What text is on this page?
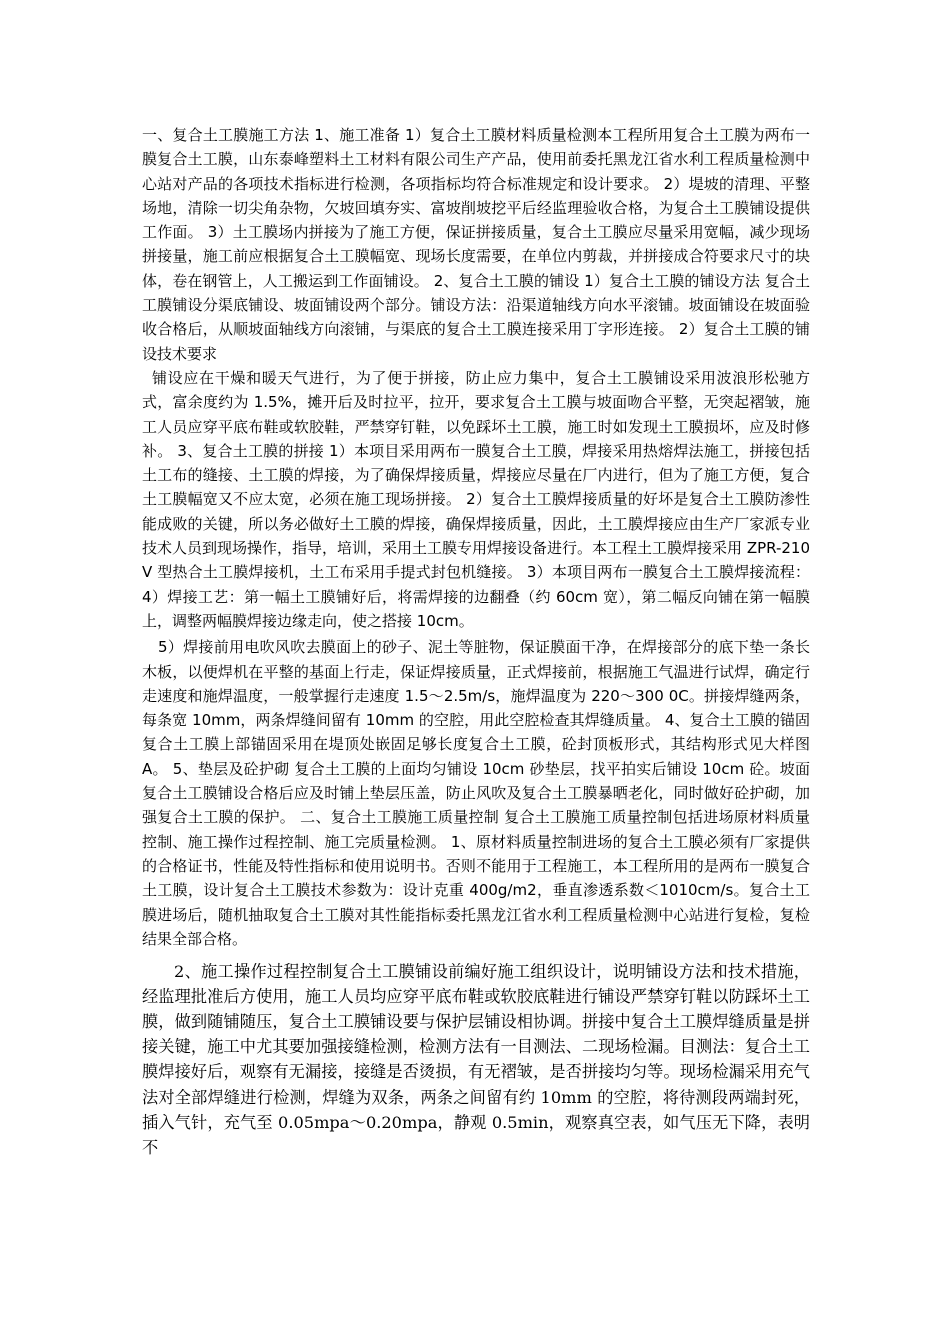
一、复合土工膜施工方法 1、施工准备 1）复合土工膜材料质量检测本工程所用复合土工膜为两布一膜复合土工膜，山东泰峰塑料土工材料有限公司生产产品，使用前委托黑龙江省水利工程质量检测中心站对产品的各项技术指标进行检测，各项指标均符合标准规定和设计要求。 2）堤坡的清理、平整场地，清除一切尖角杂物，欠坡回填夯实、富坡削坡挖平后经监理验收合格，为复合土工膜铺设提供工作面。 3）土工膜场内拼接为了施工方便，保证拼接质量，复合土工膜应尽量采用宽幅，减少现场拼接量，施工前应根据复合土工膜幅宽、现场长度需要，在单位内剪裁，并拼接成合符要求尺寸的块体，卷在钢管上，人工搬运到工作面铺设。 2、复合土工膜的铺设 1）复合土工膜的铺设方法 复合土工膜铺设分渠底铺设、坡面铺设两个部分。铺设方法：沿渠道轴线方向水平滚铺。坡面铺设在坡面验收合格后，从顺坡面轴线方向滚铺，与渠底的复合土工膜连接采用丁字形连接。 2）复合土工膜的铺设技术要求

铺设应在干燥和暖天气进行，为了便于拼接，防止应力集中，复合土工膜铺设采用波浪形松驰方式，富余度约为 1.5%，摊开后及时拉平，拉开，要求复合土工膜与坡面吻合平整，无突起褶皱，施工人员应穿平底布鞋或软胶鞋，严禁穿钉鞋，以免踩坏土工膜，施工时如发现土工膜损坏，应及时修补。 3、复合土工膜的拼接 1）本项目采用两布一膜复合土工膜，焊接采用热熔焊法施工，拼接包括土工布的缝接、土工膜的焊接，为了确保焊接质量，焊接应尽量在厂内进行，但为了施工方便，复合土工膜幅宽又不应太宽，必须在施工现场拼接。 2）复合土工膜焊接质量的好坏是复合土工膜防渗性能成败的关键，所以务必做好土工膜的焊接，确保焊接质量，因此，土工膜焊接应由生产厂家派专业技术人员到现场操作，指导，培训，采用土工膜专用焊接设备进行。本工程土工膜焊接采用 ZPR-210V 型热合土工膜焊接机，土工布采用手提式封包机缝接。 3）本项目两布一膜复合土工膜焊接流程： 4）焊接工艺：第一幅土工膜铺好后，将需焊接的边翻叠（约 60cm 宽），第二幅反向铺在第一幅膜上，调整两幅膜焊接边缘走向，使之搭接 10cm。

5）焊接前用电吹风吹去膜面上的砂子、泥土等脏物，保证膜面干净，在焊接部分的底下垫一条长木板，以便焊机在平整的基面上行走，保证焊接质量，正式焊接前，根据施工气温进行试焊，确定行走速度和施焊温度，一般掌握行走速度 1.5～2.5m/s，施焊温度为 220～300 0C。拼接焊缝两条，每条宽 10mm，两条焊缝间留有 10mm 的空腔，用此空腔检查其焊缝质量。 4、复合土工膜的锚固 复合土工膜上部锚固采用在堤顶处嵌固足够长度复合土工膜，砼封顶板形式，其结构形式见大样图 A。 5、垫层及砼护砌 复合土工膜的上面均匀铺设 10cm 砂垫层，找平拍实后铺设 10cm 砼。坡面复合土工膜铺设合格后应及时铺上垫层压盖，防止风吹及复合土工膜暴晒老化，同时做好砼护砌，加强复合土工膜的保护。 二、复合土工膜施工质量控制 复合土工膜施工质量控制包括进场原材料质量控制、施工操作过程控制、施工完质量检测。 1、原材料质量控制进场的复合土工膜必须有厂家提供的合格证书，性能及特性指标和使用说明书。否则不能用于工程施工，本工程所用的是两布一膜复合土工膜，设计复合土工膜技术参数为：设计克重 400g/m2，垂直渗透系数＜1010cm/s。复合土工膜进场后，随机抽取复合土工膜对其性能指标委托黑龙江省水利工程质量检测中心站进行复检，复检结果全部合格。

2、施工操作过程控制复合土工膜铺设前编好施工组织设计，说明铺设方法和技术措施，经监理批准后方使用，施工人员均应穿平底布鞋或软胶底鞋进行铺设严禁穿钉鞋以防踩坏土工膜，做到随铺随压，复合土工膜铺设要与保护层铺设相协调。拼接中复合土工膜焊缝质量是拼接关键，施工中尤其要加强接缝检测，检测方法有一目测法、二现场检漏。目测法：复合土工膜焊接好后，观察有无漏接，接缝是否烫损，有无褶皱，是否拼接均匀等。现场检漏采用充气法对全部焊缝进行检测，焊缝为双条，两条之间留有约 10mm 的空腔，将待测段两端封死，插入气针，充气至 0.05mpa～0.20mpa，静观 0.5min，观察真空表，如气压无下降，表明不
